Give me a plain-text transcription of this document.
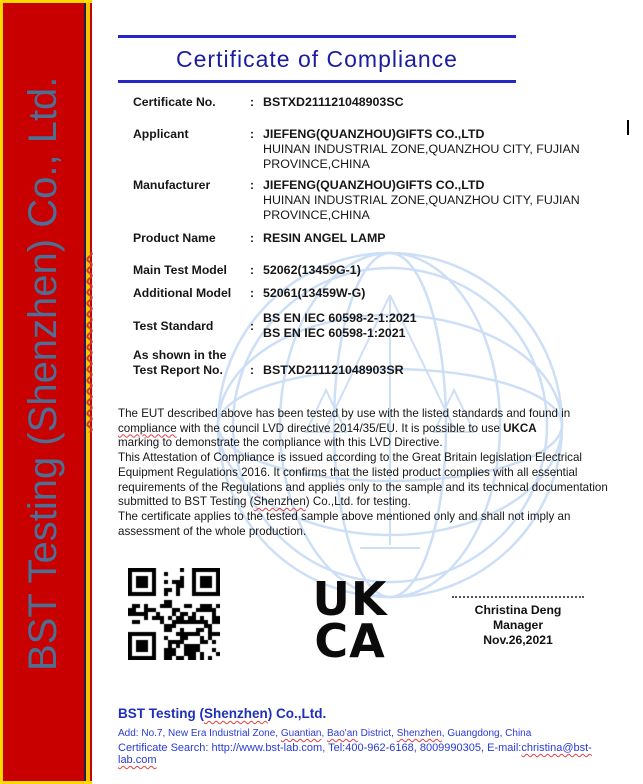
BST Testing (Shenzhen) Co., Ltd.
Certificate of Compliance
Certificate No.	: BSTXD211121048903SC
Applicant	: JIEFENG(QUANZHOU)GIFTS CO.,LTD
HUINAN INDUSTRIAL ZONE,QUANZHOU CITY, FUJIAN
PROVINCE,CHINA
Manufacturer	: JIEFENG(QUANZHOU)GIFTS CO.,LTD
HUINAN INDUSTRIAL ZONE,QUANZHOU CITY, FUJIAN
PROVINCE,CHINA
Product Name	: RESIN ANGEL LAMP
Main Test Model	: 52062(13459G-1)
Additional Model	: 52061(13459W-G)
Test Standard	:
BS EN IEC 60598-2-1:2021
BS EN IEC 60598-1:2021
As shown in the
Test Report No.	: BSTXD211121048903SR
The EUT described above has been tested by use with the listed standards and found in
compliance with the council LVD directive 2014/35/EU. It is possible to use UKCA
marking to demonstrate the compliance with this LVD Directive.
This Attestation of Compliance is issued according to the Great Britain legislation Electrical
Equipment Regulations 2016. It confirms that the listed product complies with all essential
requirements of the Regulations and applies only to the sample and its technical documentation
submitted to BST Testing (Shenzhen) Co.,Ltd. for testing.
The certificate applies to the tested sample above mentioned only and shall not imply an
assessment of the whole production.
UK
CA
Christina Deng
Manager
Nov.26,2021
BST Testing (Shenzhen) Co.,Ltd.
Add: No.7, New Era Industrial Zone, Guantian, Bao'an District, Shenzhen, Guangdong, China
Certificate Search: http://www.bst-lab.com, Tel:400-962-6168, 8009990305, E-mail:christina@bst-lab.com
